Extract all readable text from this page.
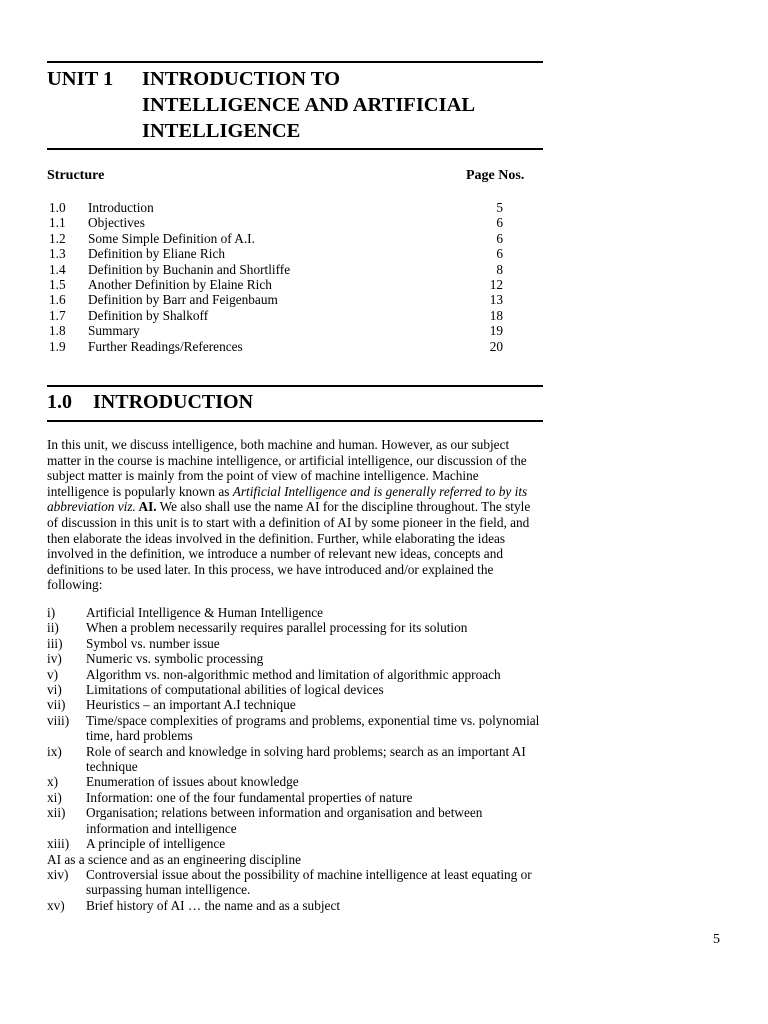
UNIT 1 INTRODUCTION TO
INTELLIGENCE AND ARTIFICIAL
INTELLIGENCE
Structure	Page Nos.
1.0 Introduction	5
1.1 Objectives	6
1.2 Some Simple Definition of A.I.	6
1.3 Definition by Eliane Rich	6
1.4 Definition by Buchanin and Shortliffe	8
1.5 Another Definition by Elaine Rich	12
1.6 Definition by Barr and Feigenbaum	13
1.7 Definition by Shalkoff	18
1.8 Summary	19
1.9 Further Readings/References	20
1.0 INTRODUCTION
In this unit, we discuss intelligence, both machine and human. However, as our subject matter in the course is machine intelligence, or artificial intelligence, our discussion of the subject matter is mainly from the point of view of machine intelligence. Machine intelligence is popularly known as Artificial Intelligence and is generally referred to by its abbreviation viz. AI. We also shall use the name AI for the discipline throughout. The style of discussion in this unit is to start with a definition of AI by some pioneer in the field, and then elaborate the ideas involved in the definition. Further, while elaborating the ideas involved in the definition, we introduce a number of relevant new ideas, concepts and definitions to be used later. In this process, we have introduced and/or explained the following:
i) Artificial Intelligence & Human Intelligence
ii) When a problem necessarily requires parallel processing for its solution
iii) Symbol vs. number issue
iv) Numeric vs. symbolic processing
v) Algorithm vs. non-algorithmic method and limitation of algorithmic approach
vi) Limitations of computational abilities of logical devices
vii) Heuristics – an important A.I technique
viii) Time/space complexities of programs and problems, exponential time vs. polynomial time, hard problems
ix) Role of search and knowledge in solving hard problems; search as an important AI technique
x) Enumeration of issues about knowledge
xi) Information: one of the four fundamental properties of nature
xii) Organisation; relations between information and organisation and between information and intelligence
xiii) A principle of intelligence
AI as a science and as an engineering discipline
xiv) Controversial issue about the possibility of machine intelligence at least equating or surpassing human intelligence.
xv) Brief history of AI … the name and as a subject
5
